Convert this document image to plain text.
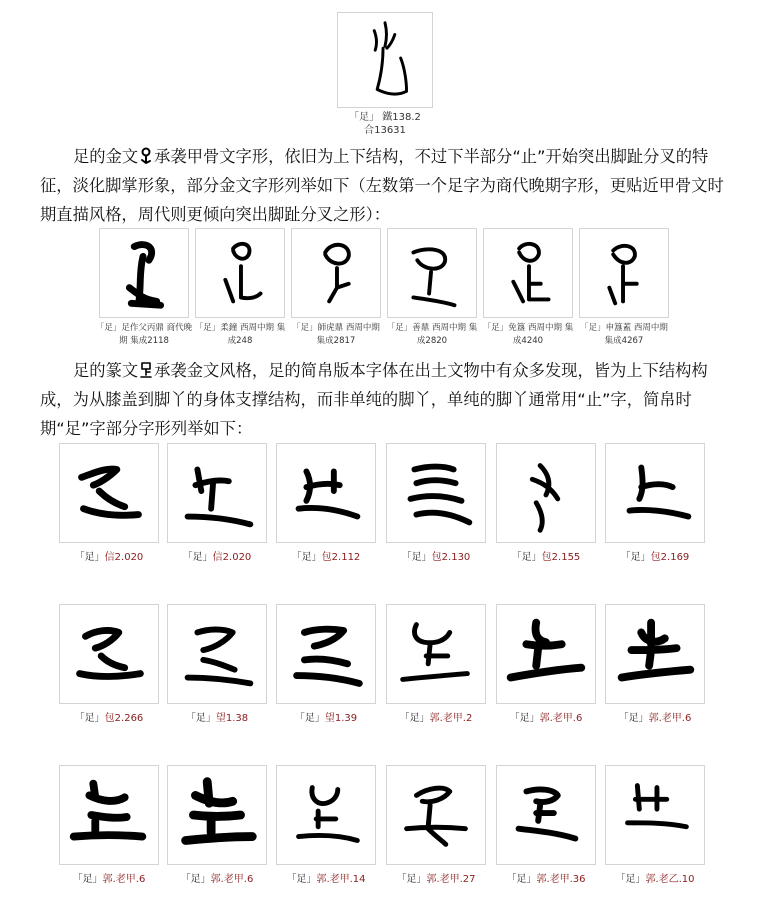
「足」 鐵138.2
合13631
足的金文 承袭甲骨文字形，依旧为上下结构，不过下半部分“止”开始突出脚趾分叉的特征，淡化脚掌形象，部分金文字形列举如下（左数第一个足字为商代晚期字形，更贴近甲骨文时期直描风格，周代则更倾向突出脚趾分叉之形）：
「足」足作父丙鼎 商代晚期 集成2118
「足」柔鐘 西周中期 集成248
「足」師虎鼎 西周中期 集成2817
「足」善鼎 西周中期 集成2820
「足」免簋 西周中期 集成4240
「足」申簋蓋 西周中期 集成4267
足的篆文 承袭金文风格，足的简帛版本字体在出土文物中有众多发现，皆为上下结构构成，为从膝盖到脚丫的身体支撑结构，而非单纯的脚丫，单纯的脚丫通常用“止”字，简帛时期“足”字部分字形列举如下：
「足」信2.020	「足」信2.020	「足」包2.112	「足」包2.130	「足」包2.155	「足」包2.169
「足」包2.266	「足」望1.38	「足」望1.39	「足」郭.老甲.2	「足」郭.老甲.6	「足」郭.老甲.6
「足」郭.老甲.6	「足」郭.老甲.6	「足」郭.老甲.14	「足」郭.老甲.27	「足」郭.老甲.36	「足」郭.老乙.10
